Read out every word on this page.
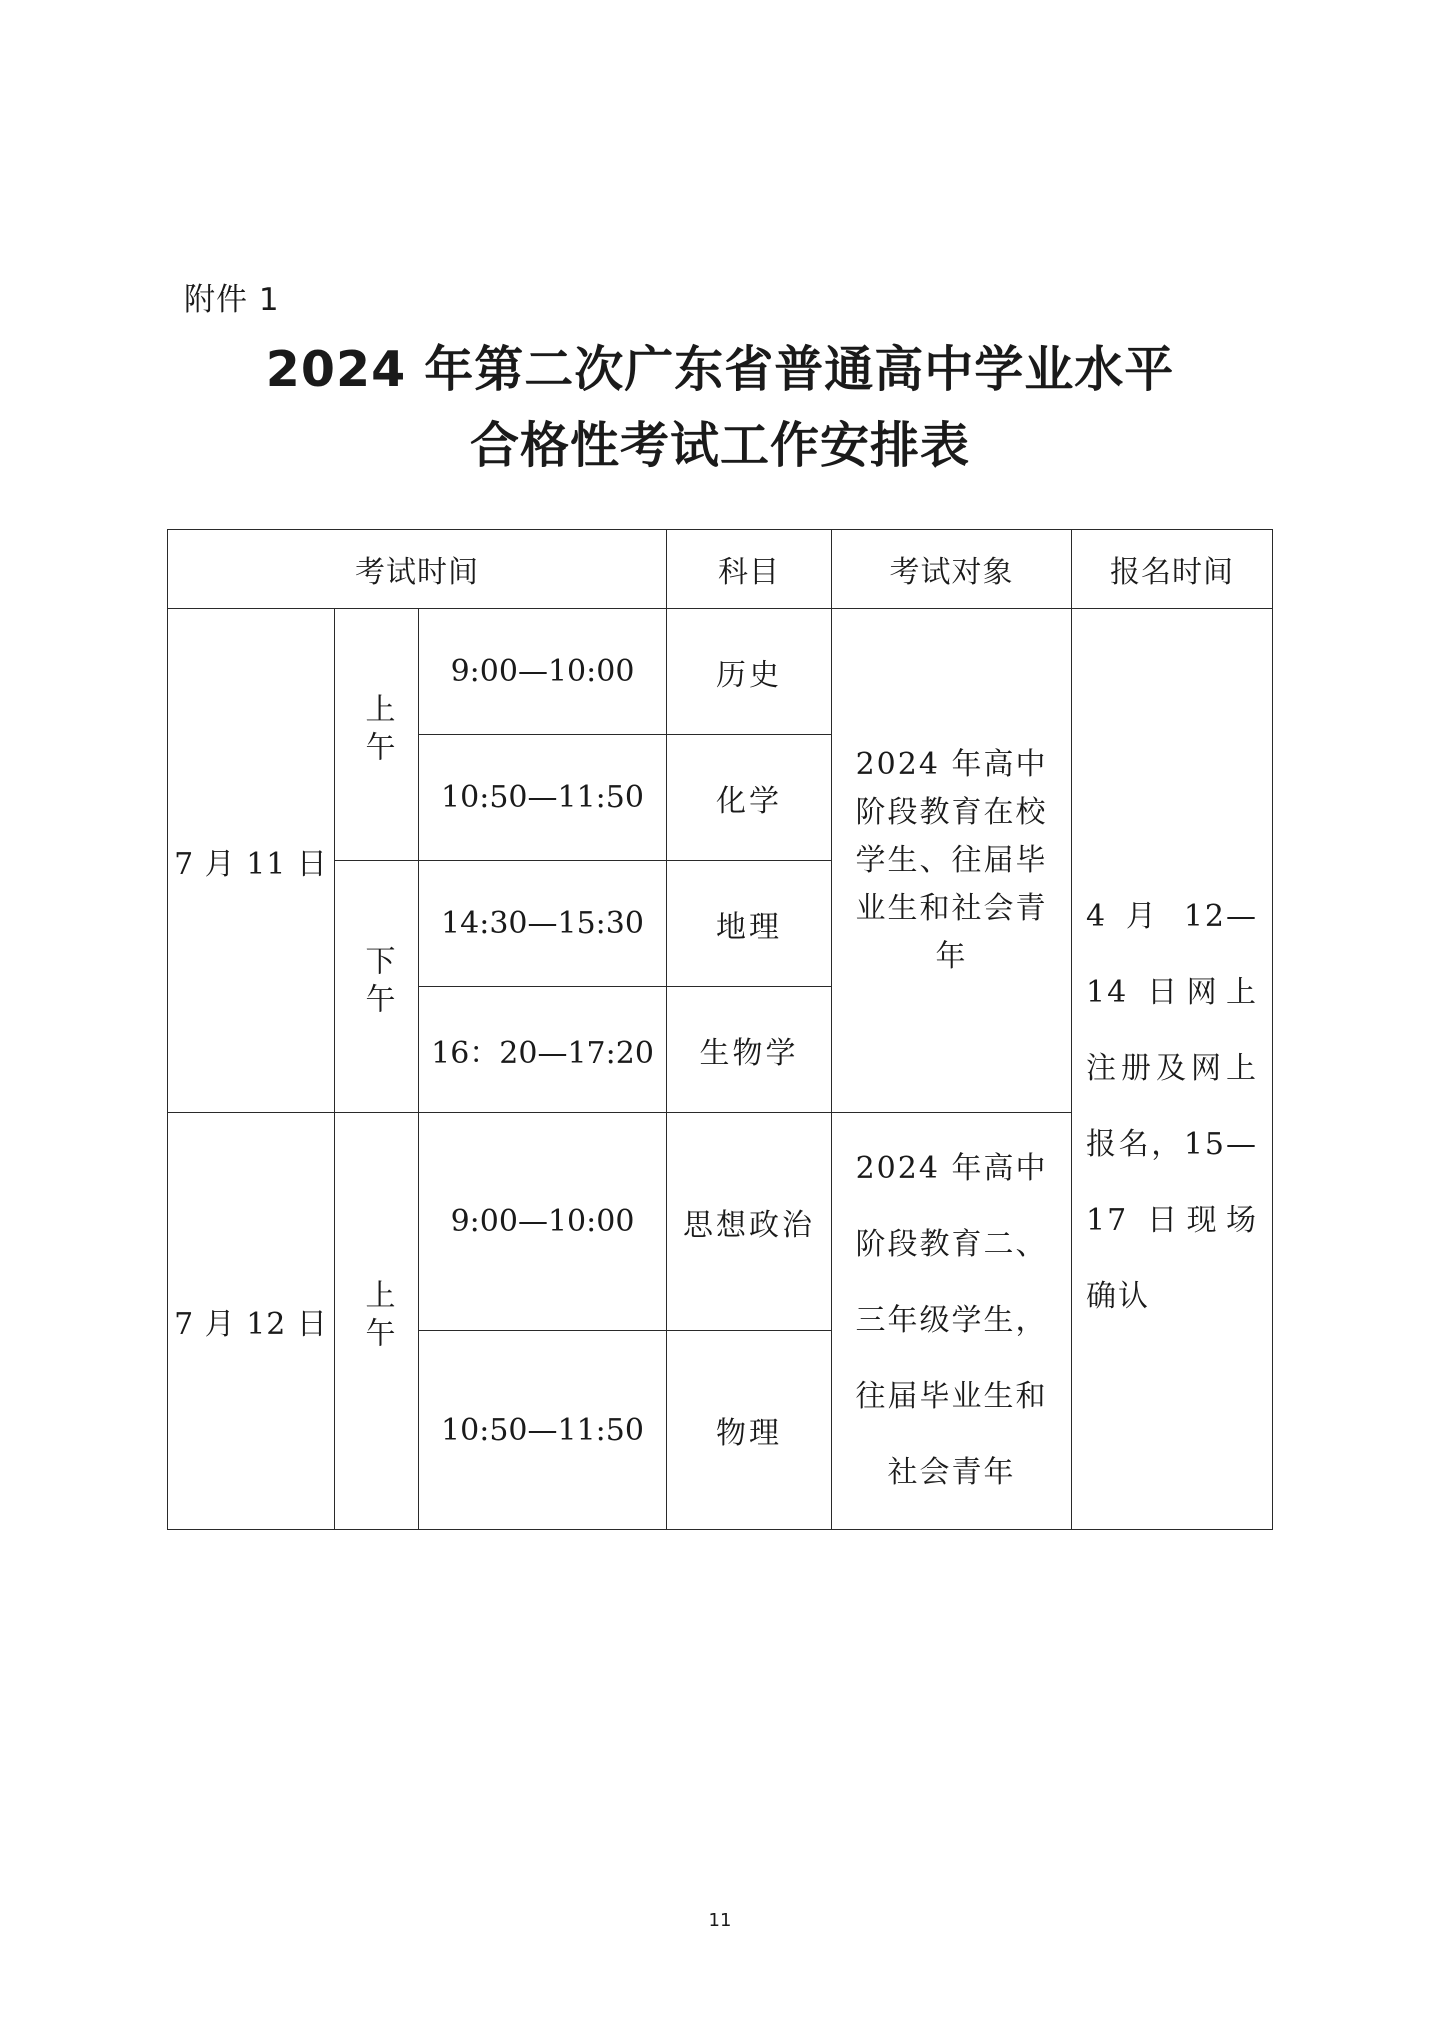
附件 1
2024 年第二次广东省普通高中学业水平
合格性考试工作安排表
考试时间			科目	考试对象	报名时间
7 月 11 日	上午	9:00—10:00	历史	2024 年高中阶段教育在校学生、往届毕业生和社会青年	4 月 12—14 日网上注册及网上报名，15—17 日现场确认

		10:50—11:50	化学		
	下午	14:30—15:30	地理		
		16：20—17:20	生物学		
7 月 12 日	上午	9:00—10:00	思想政治	2024 年高中阶段教育二、三年级学生，往届毕业生和社会青年	
		10:50—11:50	物理		
11
